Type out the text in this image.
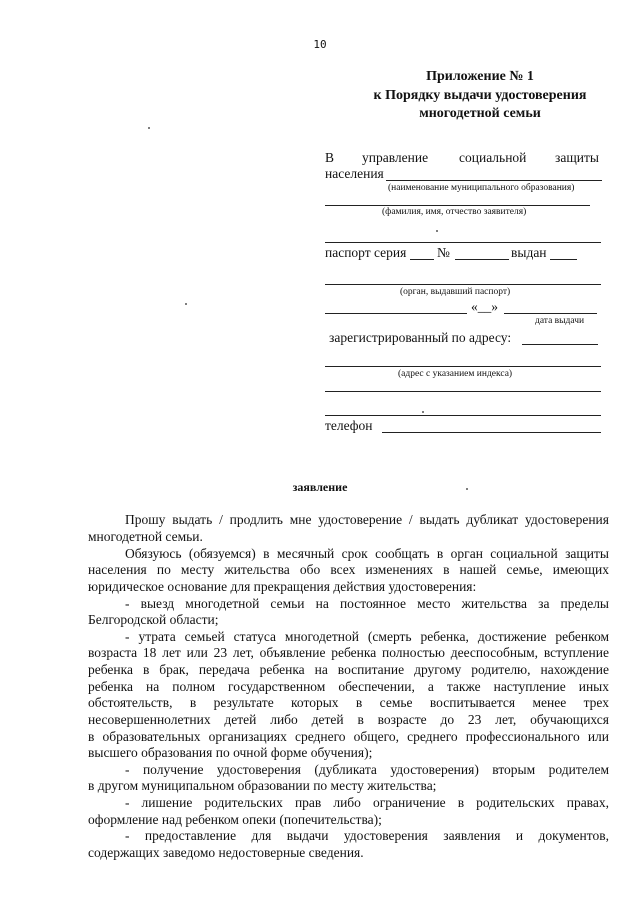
10
Приложение № 1
к Порядку выдачи удостоверения
многодетной семьи
В управление социальной защиты
населения
(наименование муниципального образования)
(фамилия, имя, отчество заявителя)
паспорт серия №	выдан
(орган, выдавший паспорт)
«__»
дата выдачи
зарегистрированный по адресу:
(адрес с указанием индекса)
телефон
заявление
Прошу выдать / продлить мне удостоверение / выдать дубликат удостоверения
многодетной семьи.
Обязуюсь (обязуемся) в месячный срок сообщать в орган социальной защиты
населения по месту жительства обо всех изменениях в нашей семье, имеющих
юридическое основание для прекращения действия удостоверения:
- выезд многодетной семьи на постоянное место жительства за пределы
Белгородской области;
- утрата семьей статуса многодетной (смерть ребенка, достижение ребенком
возраста 18 лет или 23 лет, объявление ребенка полностью дееспособным, вступление
ребенка в брак, передача ребенка на воспитание другому родителю, нахождение
ребенка на полном государственном обеспечении, а также наступление иных
обстоятельств, в результате которых в семье воспитывается менее трех
несовершеннолетних детей либо детей в возрасте до 23 лет, обучающихся
в образовательных организациях среднего общего, среднего профессионального или
высшего образования по очной форме обучения);
- получение удостоверения (дубликата удостоверения) вторым родителем
в другом муниципальном образовании по месту жительства;
- лишение родительских прав либо ограничение в родительских правах,
оформление над ребенком опеки (попечительства);
- предоставление для выдачи удостоверения заявления и документов,
содержащих заведомо недостоверные сведения.
